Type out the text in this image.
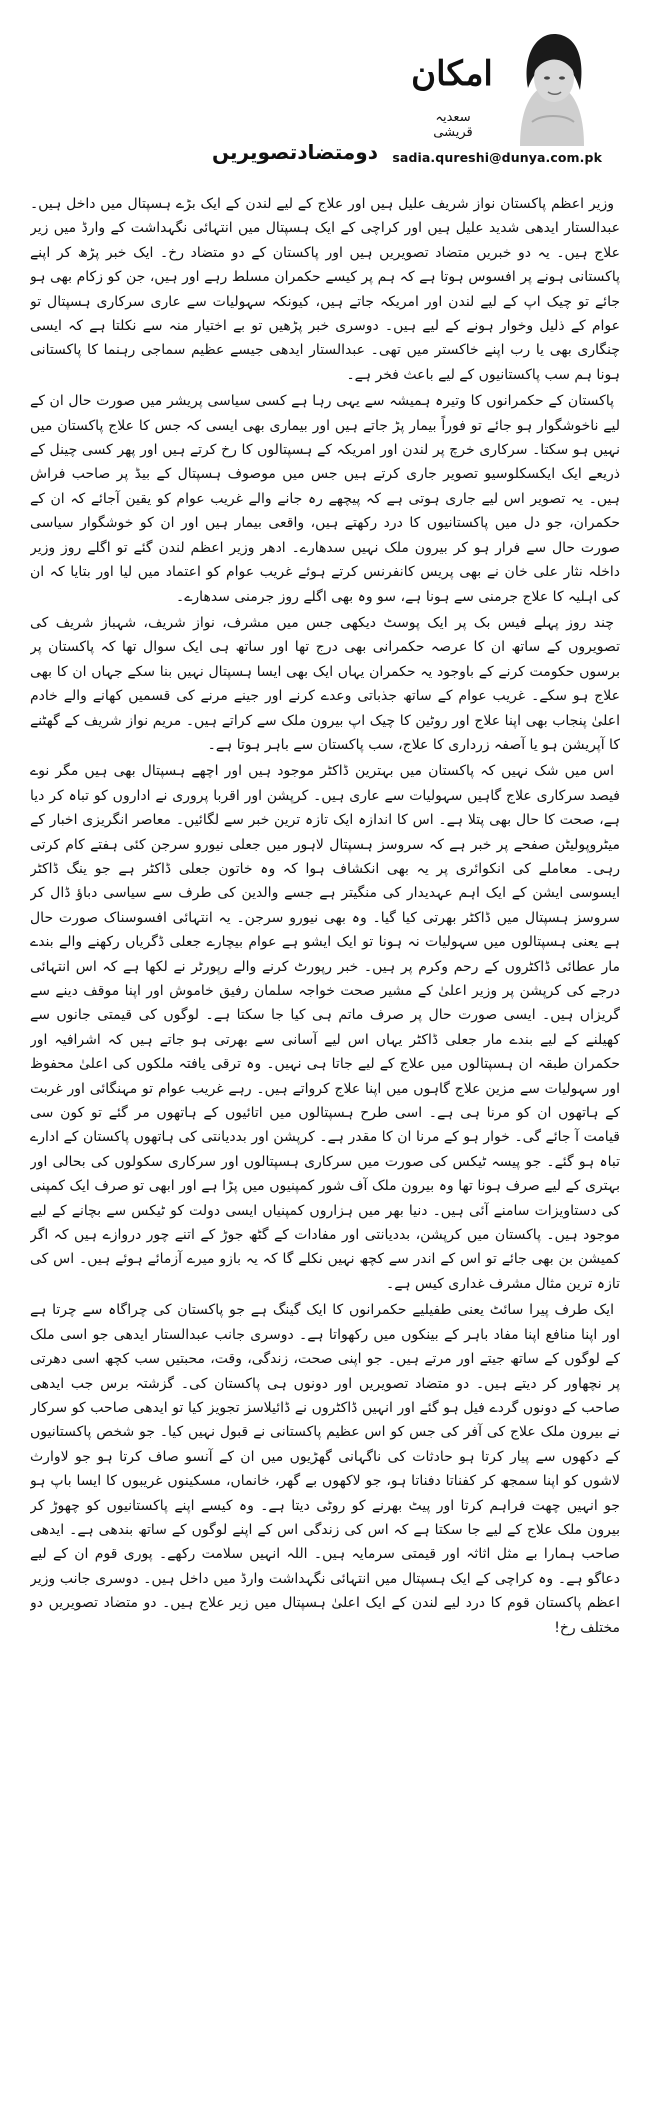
دومتضادتصویریں
امکان
سعدیہ قریشی
sadia.qureshi@dunya.com.pk

وزیر اعظم پاکستان نواز شریف علیل ہیں اور علاج کے لیے لندن کے ایک بڑے ہسپتال میں داخل ہیں۔ عبدالستار ایدھی شدید علیل ہیں اور کراچی کے ایک ہسپتال میں انتہائی نگہداشت کے وارڈ میں زیر علاج ہیں۔ یہ دو خبریں متضاد تصویریں ہیں اور پاکستان کے دو متضاد رخ۔ ایک خبر پڑھ کر اپنے پاکستانی ہونے پر افسوس ہوتا ہے کہ ہم پر کیسے حکمران مسلط رہے اور ہیں، جن کو زکام بھی ہو جائے تو چیک اپ کے لیے لندن اور امریکہ جاتے ہیں، کیونکہ سہولیات سے عاری سرکاری ہسپتال تو عوام کے ذلیل وخوار ہونے کے لیے ہیں۔ دوسری خبر پڑھیں تو بے اختیار منہ سے نکلتا ہے کہ ایسی چنگاری بھی یا رب اپنے خاکستر میں تھی۔ عبدالستار ایدھی جیسے عظیم سماجی رہنما کا پاکستانی ہونا ہم سب پاکستانیوں کے لیے باعث فخر ہے۔

پاکستان کے حکمرانوں کا وتیرہ ہمیشہ سے یہی رہا ہے کسی سیاسی پریشر میں صورت حال ان کے لیے ناخوشگوار ہو جائے تو فوراً بیمار پڑ جاتے ہیں اور بیماری بھی ایسی کہ جس کا علاج پاکستان میں نہیں ہو سکتا۔ سرکاری خرچ پر لندن اور امریکہ کے ہسپتالوں کا رخ کرتے ہیں اور پھر کسی چینل کے ذریعے ایک ایکسکلوسیو تصویر جاری کرتے ہیں جس میں موصوف ہسپتال کے بیڈ پر صاحب فراش ہیں۔ یہ تصویر اس لیے جاری ہوتی ہے کہ پیچھے رہ جانے والے غریب عوام کو یقین آجائے کہ ان کے حکمران، جو دل میں پاکستانیوں کا درد رکھتے ہیں، واقعی بیمار ہیں اور ان کو خوشگوار سیاسی صورت حال سے فرار ہو کر بیرون ملک نہیں سدھارے۔ ادھر وزیر اعظم لندن گئے تو اگلے روز وزیر داخلہ نثار علی خان نے بھی پریس کانفرنس کرتے ہوئے غریب عوام کو اعتماد میں لیا اور بتایا کہ ان کی اہلیہ کا علاج جرمنی سے ہونا ہے، سو وہ بھی اگلے روز جرمنی سدھارے۔

چند روز پہلے فیس بک پر ایک پوسٹ دیکھی جس میں مشرف، نواز شریف، شہباز شریف کی تصویروں کے ساتھ ان کا عرصہ حکمرانی بھی درج تھا اور ساتھ ہی ایک سوال تھا کہ پاکستان پر برسوں حکومت کرنے کے باوجود یہ حکمران یہاں ایک بھی ایسا ہسپتال نہیں بنا سکے جہاں ان کا بھی علاج ہو سکے۔ غریب عوام کے ساتھ جذباتی وعدے کرنے اور جینے مرنے کی قسمیں کھانے والے خادم اعلیٰ پنجاب بھی اپنا علاج اور روٹین کا چیک اپ بیرون ملک سے کراتے ہیں۔ مریم نواز شریف کے گھٹنے کا آپریشن ہو یا آصفہ زرداری کا علاج، سب پاکستان سے باہر ہوتا ہے۔

اس میں شک نہیں کہ پاکستان میں بہترین ڈاکٹر موجود ہیں اور اچھے ہسپتال بھی ہیں مگر نوے فیصد سرکاری علاج گاہیں سہولیات سے عاری ہیں۔ کرپشن اور اقربا پروری نے اداروں کو تباہ کر دیا ہے، صحت کا حال بھی پتلا ہے۔ اس کا اندازہ ایک تازہ ترین خبر سے لگائیں۔ معاصر انگریزی اخبار کے میٹروپولیٹن صفحے پر خبر ہے کہ سروسز ہسپتال لاہور میں جعلی نیورو سرجن کئی ہفتے کام کرتی رہی۔ معاملے کی انکوائری پر یہ بھی انکشاف ہوا کہ وہ خاتون جعلی ڈاکٹر ہے جو ینگ ڈاکٹر ایسوسی ایشن کے ایک اہم عہدیدار کی منگیتر ہے جسے والدین کی طرف سے سیاسی دباؤ ڈال کر سروسز ہسپتال میں ڈاکٹر بھرتی کیا گیا۔ وہ بھی نیورو سرجن۔ یہ انتہائی افسوسناک صورت حال ہے یعنی ہسپتالوں میں سہولیات نہ ہونا تو ایک ایشو ہے عوام بیچارے جعلی ڈگریاں رکھنے والے بندے مار عطائی ڈاکٹروں کے رحم وکرم پر ہیں۔ خبر رپورٹ کرنے والے رپورٹر نے لکھا ہے کہ اس انتہائی درجے کی کرپشن پر وزیر اعلیٰ کے مشیر صحت خواجہ سلمان رفیق خاموش اور اپنا موقف دینے سے گریزاں ہیں۔ ایسی صورت حال پر صرف ماتم ہی کیا جا سکتا ہے۔ لوگوں کی قیمتی جانوں سے کھیلنے کے لیے بندے مار جعلی ڈاکٹر یہاں اس لیے آسانی سے بھرتی ہو جاتے ہیں کہ اشرافیہ اور حکمران طبقہ ان ہسپتالوں میں علاج کے لیے جاتا ہی نہیں۔ وہ ترقی یافتہ ملکوں کی اعلیٰ محفوظ اور سہولیات سے مزین علاج گاہوں میں اپنا علاج کرواتے ہیں۔ رہے غریب عوام تو مہنگائی اور غربت کے ہاتھوں ان کو مرنا ہی ہے۔ اسی طرح ہسپتالوں میں اتائیوں کے ہاتھوں مر گئے تو کون سی قیامت آ جائے گی۔ خوار ہو کے مرنا ان کا مقدر ہے۔ کرپشن اور بددیانتی کی ہاتھوں پاکستان کے ادارے تباہ ہو گئے۔ جو پیسہ ٹیکس کی صورت میں سرکاری ہسپتالوں اور سرکاری سکولوں کی بحالی اور بہتری کے لیے صرف ہونا تھا وہ بیرون ملک آف شور کمپنیوں میں پڑا ہے اور ابھی تو صرف ایک کمپنی کی دستاویزات سامنے آئی ہیں۔ دنیا بھر میں ہزاروں کمپنیاں ایسی دولت کو ٹیکس سے بچانے کے لیے موجود ہیں۔ پاکستان میں کرپشن، بددیانتی اور مفادات کے گٹھ جوڑ کے اتنے چور دروازے ہیں کہ اگر کمیشن بن بھی جائے تو اس کے اندر سے کچھ نہیں نکلے گا کہ یہ بازو میرے آزمائے ہوئے ہیں۔ اس کی تازہ ترین مثال مشرف غداری کیس ہے۔

ایک طرف پیرا سائٹ یعنی طفیلیے حکمرانوں کا ایک گینگ ہے جو پاکستان کی چراگاہ سے چرتا ہے اور اپنا منافع اپنا مفاد باہر کے بینکوں میں رکھواتا ہے۔ دوسری جانب عبدالستار ایدھی جو اسی ملک کے لوگوں کے ساتھ جیتے اور مرتے ہیں۔ جو اپنی صحت، زندگی، وقت، محبتیں سب کچھ اسی دھرتی پر نچھاور کر دیتے ہیں۔ دو متضاد تصویریں اور دونوں ہی پاکستان کی۔ گزشتہ برس جب ایدھی صاحب کے دونوں گردے فیل ہو گئے اور انہیں ڈاکٹروں نے ڈائیلاسز تجویز کیا تو ایدھی صاحب کو سرکار نے بیرون ملک علاج کی آفر کی جس کو اس عظیم پاکستانی نے قبول نہیں کیا۔ جو شخص پاکستانیوں کے دکھوں سے پیار کرتا ہو حادثات کی ناگہانی گھڑیوں میں ان کے آنسو صاف کرتا ہو جو لاوارث لاشوں کو اپنا سمجھ کر کفناتا دفناتا ہو، جو لاکھوں بے گھر، خانماں، مسکینوں غریبوں کا ایسا باپ ہو جو انہیں چھت فراہم کرتا اور پیٹ بھرنے کو روٹی دیتا ہے۔ وہ کیسے اپنے پاکستانیوں کو چھوڑ کر بیرون ملک علاج کے لیے جا سکتا ہے کہ اس کی زندگی اس کے اپنے لوگوں کے ساتھ بندھی ہے۔ ایدھی صاحب ہمارا بے مثل اثاثہ اور قیمتی سرمایہ ہیں۔ اللہ انہیں سلامت رکھے۔ پوری قوم ان کے لیے دعاگو ہے۔ وہ کراچی کے ایک ہسپتال میں انتہائی نگہداشت وارڈ میں داخل ہیں۔ دوسری جانب وزیر اعظم پاکستان قوم کا درد لیے لندن کے ایک اعلیٰ ہسپتال میں زیر علاج ہیں۔ دو متضاد تصویریں دو مختلف رخ!
